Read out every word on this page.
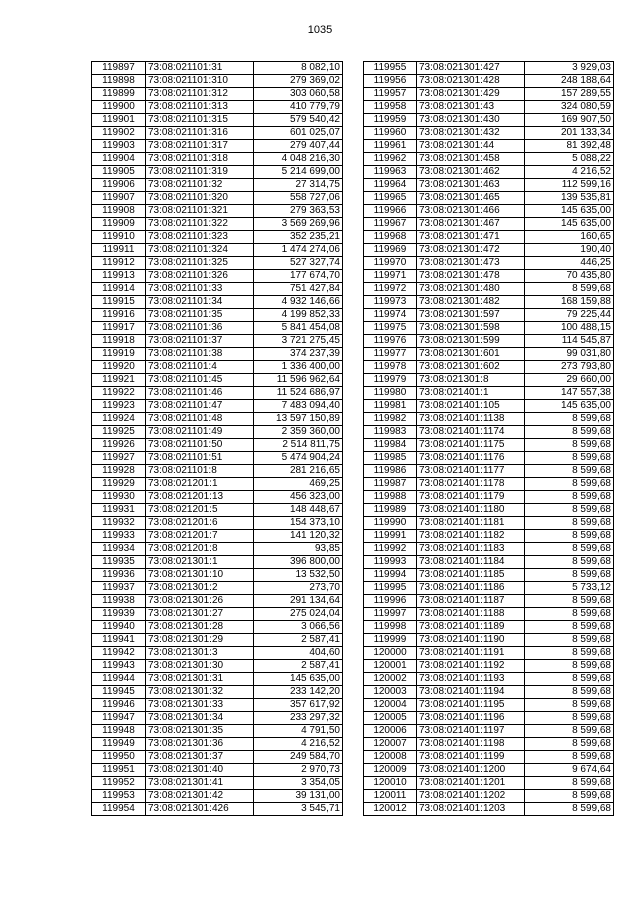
1035
119897	73:08:021101:31	8 082,10
119898	73:08:021101:310	279 369,02
119899	73:08:021101:312	303 060,58
119900	73:08:021101:313	410 779,79
119901	73:08:021101:315	579 540,42
119902	73:08:021101:316	601 025,07
119903	73:08:021101:317	279 407,44
119904	73:08:021101:318	4 048 216,30
119905	73:08:021101:319	5 214 699,00
119906	73:08:021101:32	27 314,75
119907	73:08:021101:320	558 727,06
119908	73:08:021101:321	279 363,53
119909	73:08:021101:322	3 569 269,96
119910	73:08:021101:323	352 235,21
119911	73:08:021101:324	1 474 274,06
119912	73:08:021101:325	527 327,74
119913	73:08:021101:326	177 674,70
119914	73:08:021101:33	751 427,84
119915	73:08:021101:34	4 932 146,66
119916	73:08:021101:35	4 199 852,33
119917	73:08:021101:36	5 841 454,08
119918	73:08:021101:37	3 721 275,45
119919	73:08:021101:38	374 237,39
119920	73:08:021101:4	1 336 400,00
119921	73:08:021101:45	11 596 962,64
119922	73:08:021101:46	11 524 686,97
119923	73:08:021101:47	7 483 094,40
119924	73:08:021101:48	13 597 150,89
119925	73:08:021101:49	2 359 360,00
119926	73:08:021101:50	2 514 811,75
119927	73:08:021101:51	5 474 904,24
119928	73:08:021101:8	281 216,65
119929	73:08:021201:1	469,25
119930	73:08:021201:13	456 323,00
119931	73:08:021201:5	148 448,67
119932	73:08:021201:6	154 373,10
119933	73:08:021201:7	141 120,32
119934	73:08:021201:8	93,85
119935	73:08:021301:1	396 800,00
119936	73:08:021301:10	13 532,50
119937	73:08:021301:2	273,70
119938	73:08:021301:26	291 134,64
119939	73:08:021301:27	275 024,04
119940	73:08:021301:28	3 066,56
119941	73:08:021301:29	2 587,41
119942	73:08:021301:3	404,60
119943	73:08:021301:30	2 587,41
119944	73:08:021301:31	145 635,00
119945	73:08:021301:32	233 142,20
119946	73:08:021301:33	357 617,92
119947	73:08:021301:34	233 297,32
119948	73:08:021301:35	4 791,50
119949	73:08:021301:36	4 216,52
119950	73:08:021301:37	249 584,70
119951	73:08:021301:40	2 970,73
119952	73:08:021301:41	3 354,05
119953	73:08:021301:42	39 131,00
119954	73:08:021301:426	3 545,71
119955	73:08:021301:427	3 929,03
119956	73:08:021301:428	248 188,64
119957	73:08:021301:429	157 289,55
119958	73:08:021301:43	324 080,59
119959	73:08:021301:430	169 907,50
119960	73:08:021301:432	201 133,34
119961	73:08:021301:44	81 392,48
119962	73:08:021301:458	5 088,22
119963	73:08:021301:462	4 216,52
119964	73:08:021301:463	112 599,16
119965	73:08:021301:465	139 535,81
119966	73:08:021301:466	145 635,00
119967	73:08:021301:467	145 635,00
119968	73:08:021301:471	160,65
119969	73:08:021301:472	190,40
119970	73:08:021301:473	446,25
119971	73:08:021301:478	70 435,80
119972	73:08:021301:480	8 599,68
119973	73:08:021301:482	168 159,88
119974	73:08:021301:597	79 225,44
119975	73:08:021301:598	100 488,15
119976	73:08:021301:599	114 545,87
119977	73:08:021301:601	99 031,80
119978	73:08:021301:602	273 793,80
119979	73:08:021301:8	29 660,00
119980	73:08:021401:1	147 557,38
119981	73:08:021401:105	145 635,00
119982	73:08:021401:1138	8 599,68
119983	73:08:021401:1174	8 599,68
119984	73:08:021401:1175	8 599,68
119985	73:08:021401:1176	8 599,68
119986	73:08:021401:1177	8 599,68
119987	73:08:021401:1178	8 599,68
119988	73:08:021401:1179	8 599,68
119989	73:08:021401:1180	8 599,68
119990	73:08:021401:1181	8 599,68
119991	73:08:021401:1182	8 599,68
119992	73:08:021401:1183	8 599,68
119993	73:08:021401:1184	8 599,68
119994	73:08:021401:1185	8 599,68
119995	73:08:021401:1186	5 733,12
119996	73:08:021401:1187	8 599,68
119997	73:08:021401:1188	8 599,68
119998	73:08:021401:1189	8 599,68
119999	73:08:021401:1190	8 599,68
120000	73:08:021401:1191	8 599,68
120001	73:08:021401:1192	8 599,68
120002	73:08:021401:1193	8 599,68
120003	73:08:021401:1194	8 599,68
120004	73:08:021401:1195	8 599,68
120005	73:08:021401:1196	8 599,68
120006	73:08:021401:1197	8 599,68
120007	73:08:021401:1198	8 599,68
120008	73:08:021401:1199	8 599,68
120009	73:08:021401:1200	9 674,64
120010	73:08:021401:1201	8 599,68
120011	73:08:021401:1202	8 599,68
120012	73:08:021401:1203	8 599,68
